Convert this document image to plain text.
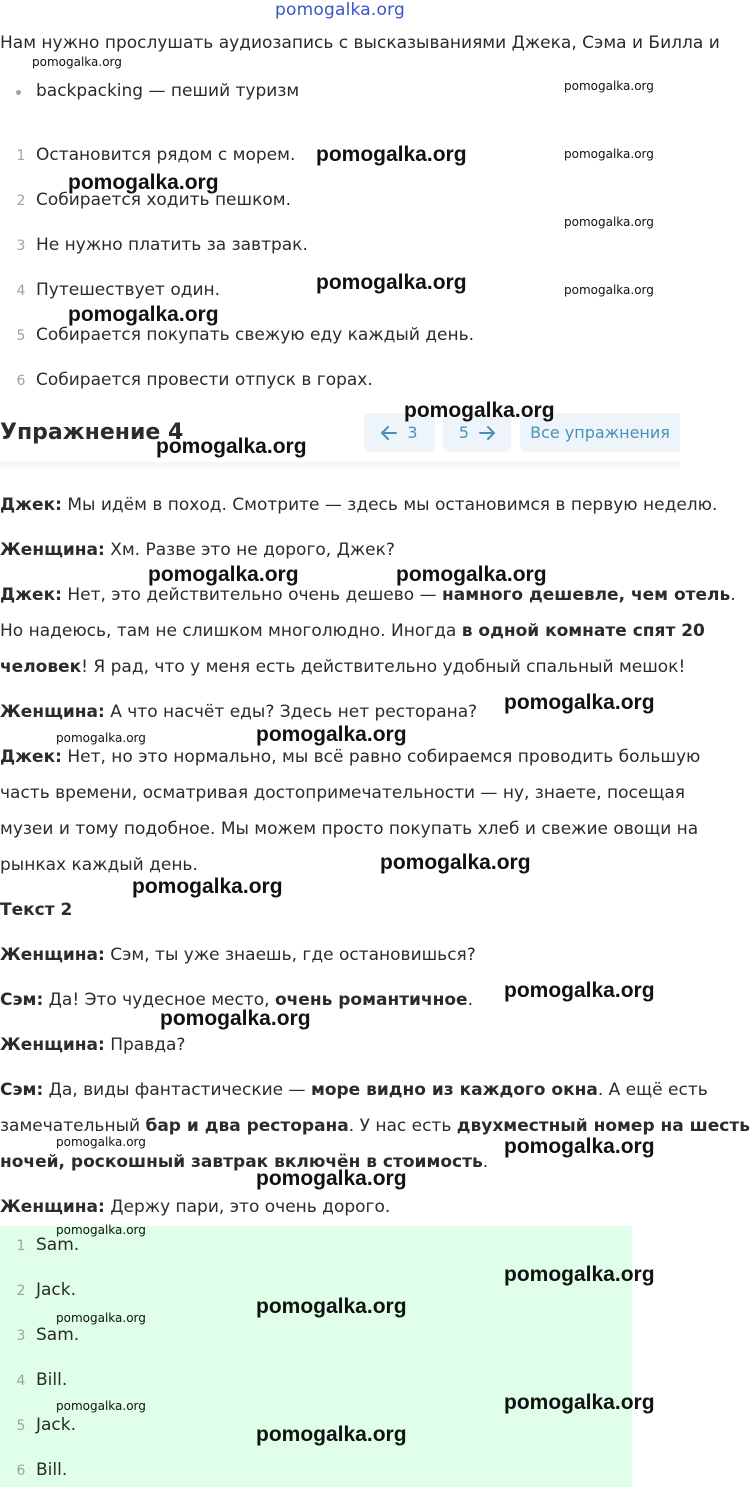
pomogalka.org
Нам нужно прослушать аудиозапись с высказываниями Джека, Сэма и Билла и
backpacking — пеший туризм
1 Остановится рядом с морем.
2 Собирается ходить пешком.
3 Не нужно платить за завтрак.
4 Путешествует один.
5 Собирается покупать свежую еду каждый день.
6 Собирается провести отпуск в горах.
Упражнение 4	3	5	Все упражнения
Джек: Мы идём в поход. Смотрите — здесь мы остановимся в первую неделю.
Женщина: Хм. Разве это не дорого, Джек?
Джек: Нет, это действительно очень дешево — намного дешевле, чем отель.
Но надеюсь, там не слишком многолюдно. Иногда в одной комнате спят 20
человек! Я рад, что у меня есть действительно удобный спальный мешок!
Женщина: А что насчёт еды? Здесь нет ресторана?
Джек: Нет, но это нормально, мы всё равно собираемся проводить большую
часть времени, осматривая достопримечательности — ну, знаете, посещая
музеи и тому подобное. Мы можем просто покупать хлеб и свежие овощи на
рынках каждый день.
Текст 2
Женщина: Сэм, ты уже знаешь, где остановишься?
Сэм: Да! Это чудесное место, очень романтичное.
Женщина: Правда?
Сэм: Да, виды фантастические — море видно из каждого окна. А ещё есть
замечательный бар и два ресторана. У нас есть двухместный номер на шесть
ночей, роскошный завтрак включён в стоимость.
Женщина: Держу пари, это очень дорого.
1 Sam.
2 Jack.
3 Sam.
4 Bill.
5 Jack.
6 Bill.
pomogalka.org
pomogalka.org
pomogalka.org
pomogalka.org
pomogalka.org
pomogalka.org
pomogalka.org
pomogalka.org
pomogalka.org
pomogalka.org
pomogalka.org
pomogalka.org
pomogalka.org
pomogalka.org
pomogalka.org
pomogalka.org
pomogalka.org	pomogalka.org
pomogalka.org
pomogalka.org
pomogalka.org
pomogalka.org
pomogalka.org
pomogalka.org
pomogalka.org
pomogalka.org
pomogalka.org
pomogalka.org
pomogalka.org
pomogalka.org
